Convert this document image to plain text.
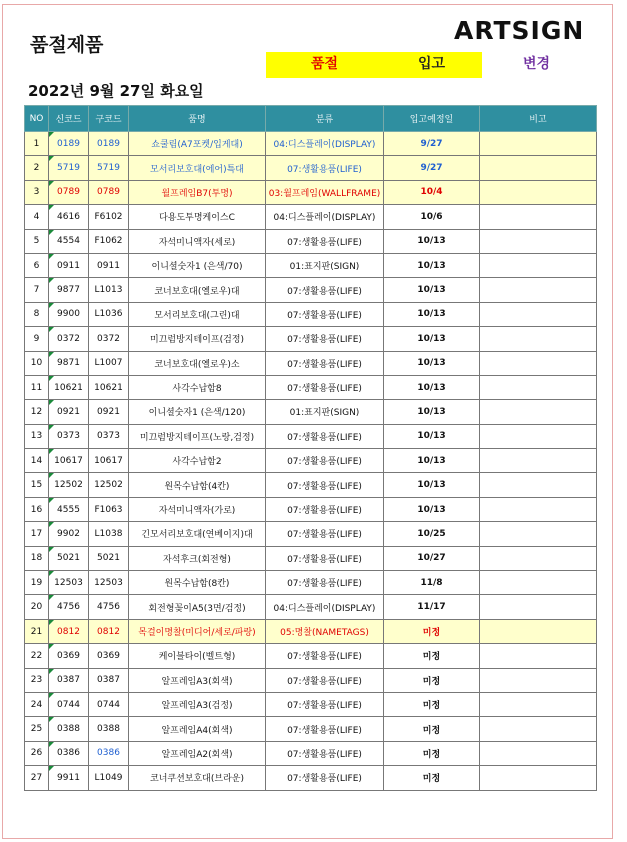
품절제품	ARTSIGN
품절	입고	변경
2022년 9월 27일 화요일
NO	신코드	구코드	품명	분류	입고예정일	비고
1	0189	0189	쇼쿨림(A7포켓/입게대)	04:디스플레이(DISPLAY)	9/27	
2	5719	5719	모서리보호대(에어)특대	07:생활용품(LIFE)	9/27	
3	0789	0789	월프레임B7(투명)	03:월프레임(WALLFRAME)	10/4	
4	4616	F6102	다용도투명케이스C	04:디스플레이(DISPLAY)	10/6	
5	4554	F1062	자석미니액자(세로)	07:생활용품(LIFE)	10/13	
6	0911	0911	이니셜숫자1 (은색/70)	01:표지판(SIGN)	10/13	
7	9877	L1013	코너보호대(옐로우)대	07:생활용품(LIFE)	10/13	
8	9900	L1036	모서리보호대(그린)대	07:생활용품(LIFE)	10/13	
9	0372	0372	미끄럼방지테이프(검정)	07:생활용품(LIFE)	10/13	
10	9871	L1007	코너보호대(옐로우)소	07:생활용품(LIFE)	10/13	
11	10621	10621	사각수납함8	07:생활용품(LIFE)	10/13	
12	0921	0921	이니셜숫자1 (은색/120)	01:표지판(SIGN)	10/13	
13	0373	0373	미끄럼방지테이프(노랑,검정)	07:생활용품(LIFE)	10/13	
14	10617	10617	사각수납함2	07:생활용품(LIFE)	10/13	
15	12502	12502	원목수납함(4칸)	07:생활용품(LIFE)	10/13	
16	4555	F1063	자석미니액자(가로)	07:생활용품(LIFE)	10/13	
17	9902	L1038	긴모서리보호대(연베이지)대	07:생활용품(LIFE)	10/25	
18	5021	5021	자석후크(회전형)	07:생활용품(LIFE)	10/27	
19	12503	12503	원목수납함(8칸)	07:생활용품(LIFE)	11/8	
20	4756	4756	회전형꽂이A5(3면/검정)	04:디스플레이(DISPLAY)	11/17	
21	0812	0812	목걸이명찰(미디어/세로/파랑)	05:명찰(NAMETAGS)	미정	
22	0369	0369	케이블타이(벨트형)	07:생활용품(LIFE)	미정	
23	0387	0387	알프레임A3(회색)	07:생활용품(LIFE)	미정	
24	0744	0744	알프레임A3(검정)	07:생활용품(LIFE)	미정	
25	0388	0388	알프레임A4(회색)	07:생활용품(LIFE)	미정	
26	0386	0386	알프레임A2(회색)	07:생활용품(LIFE)	미정	
27	9911	L1049	코너쿠션보호대(브라운)	07:생활용품(LIFE)	미정	
